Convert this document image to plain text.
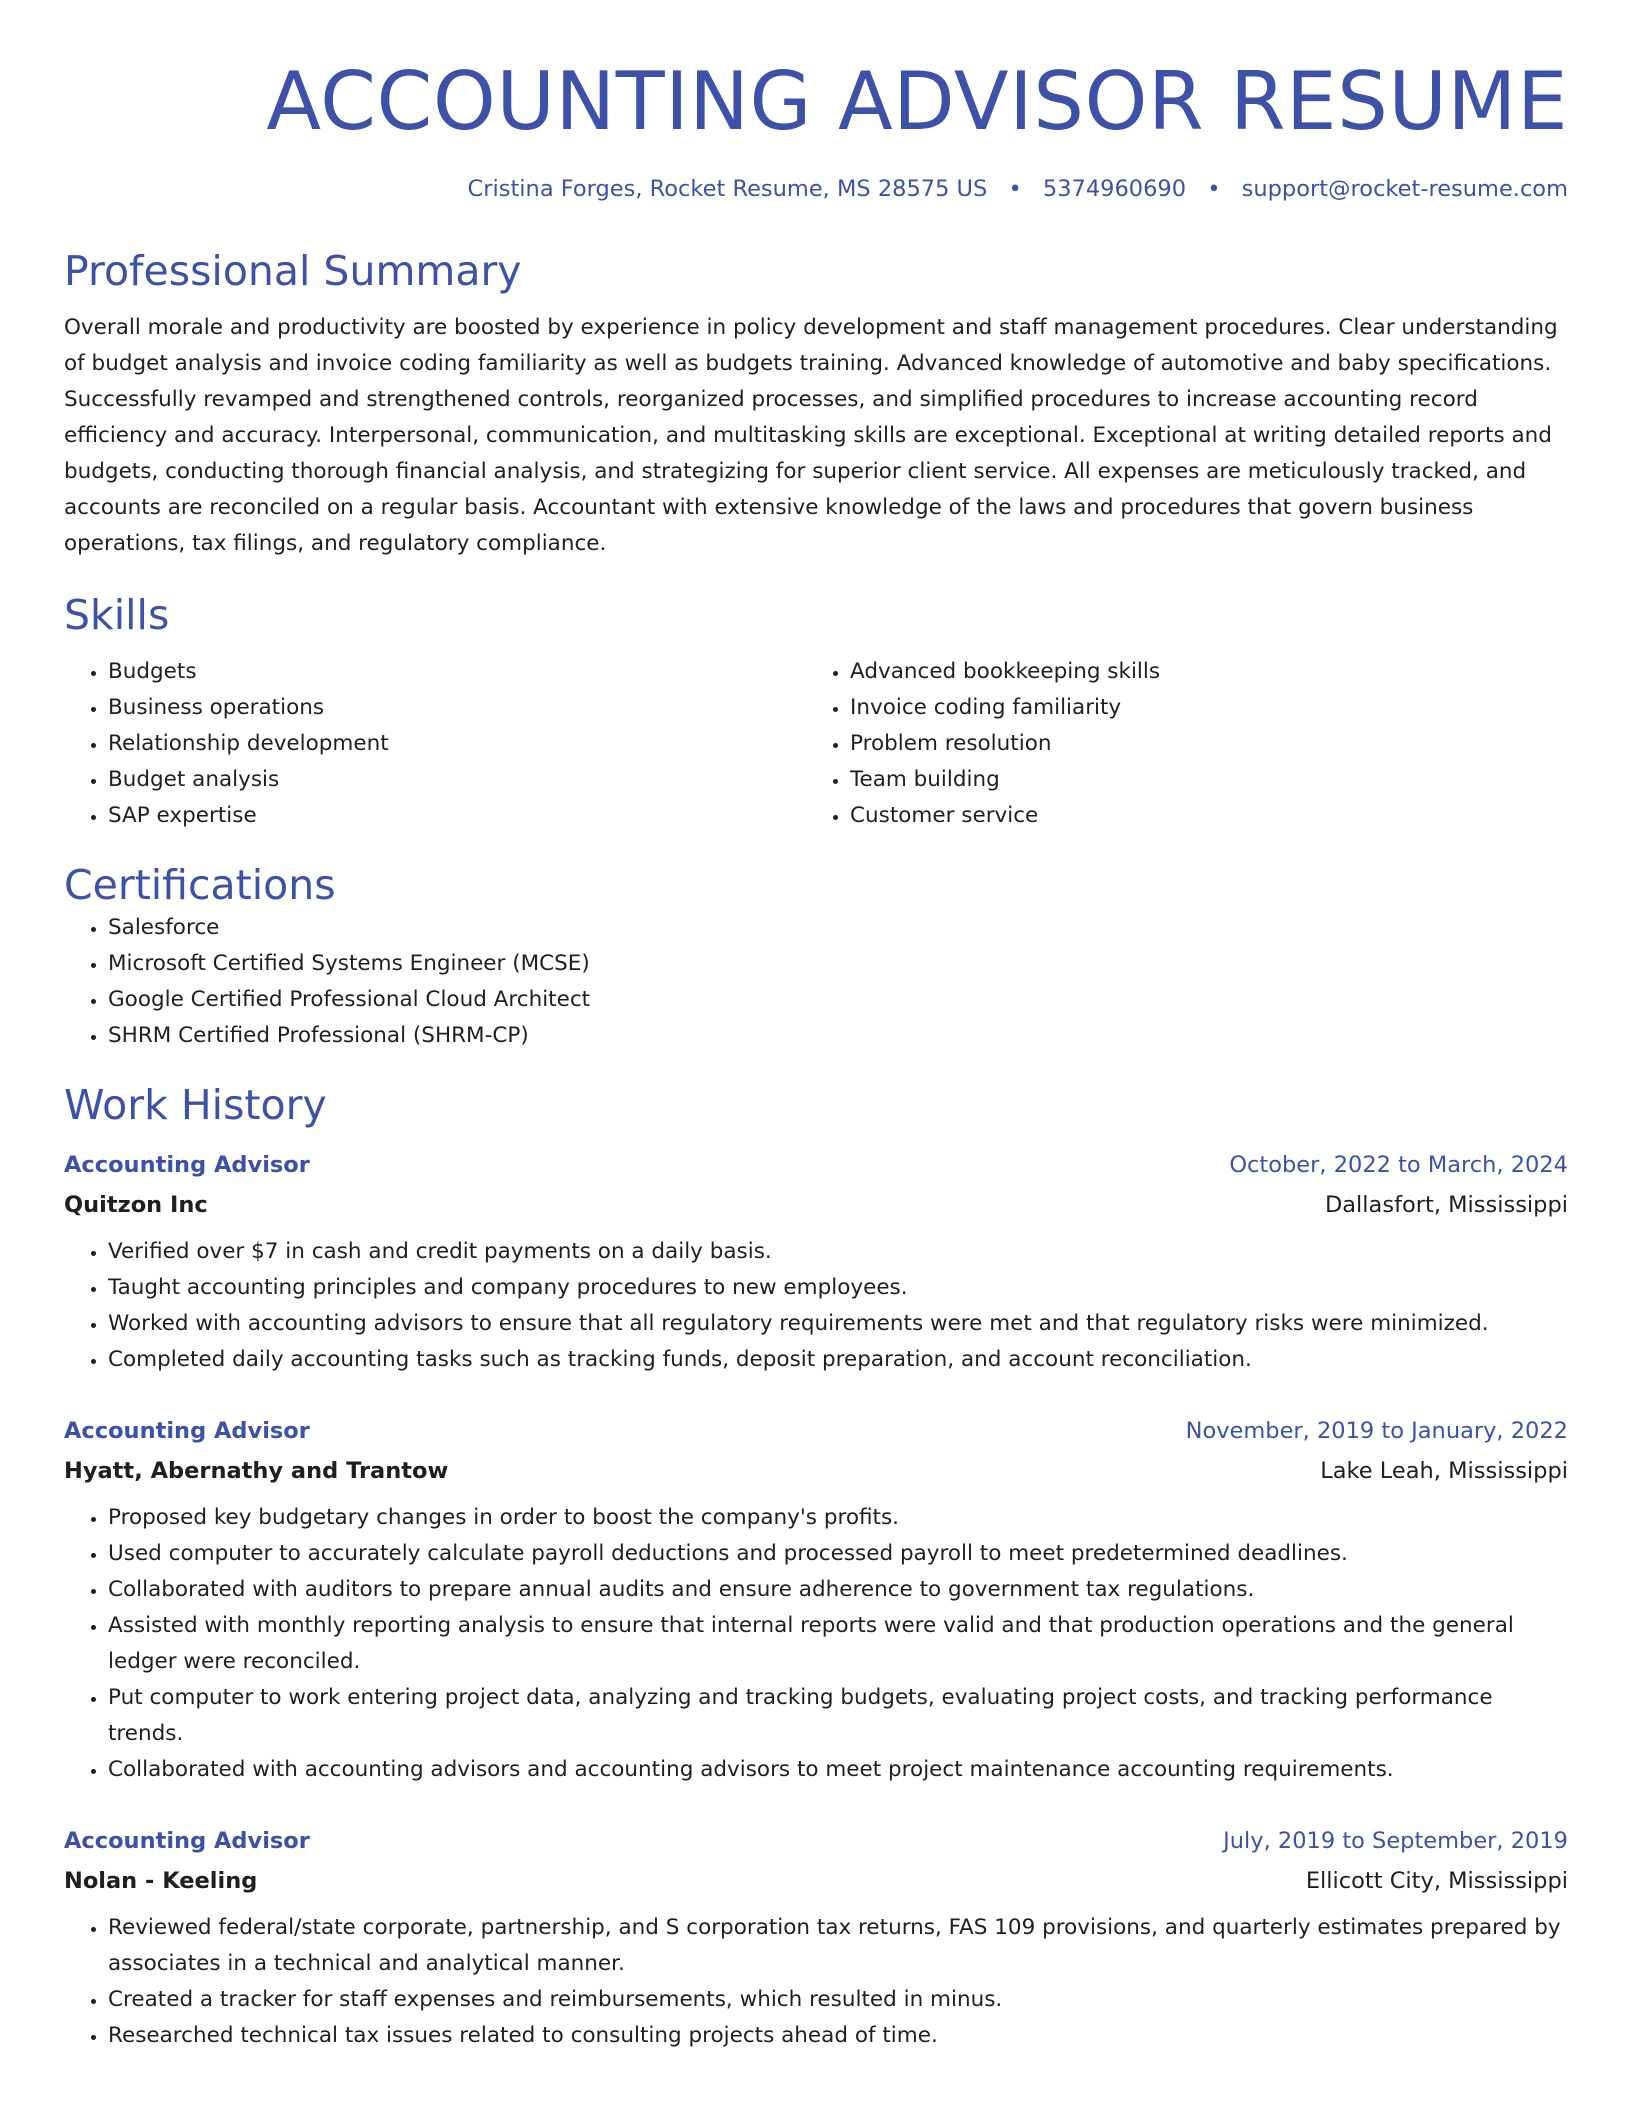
ACCOUNTING ADVISOR RESUME
Cristina Forges, Rocket Resume, MS 28575 US • 5374960690 • support@rocket-resume.com
Professional Summary

Overall morale and productivity are boosted by experience in policy development and staff management procedures. Clear understanding of budget analysis and invoice coding familiarity as well as budgets training. Advanced knowledge of automotive and baby specifications. Successfully revamped and strengthened controls, reorganized processes, and simplified procedures to increase accounting record efficiency and accuracy. Interpersonal, communication, and multitasking skills are exceptional. Exceptional at writing detailed reports and budgets, conducting thorough financial analysis, and strategizing for superior client service. All expenses are meticulously tracked, and accounts are reconciled on a regular basis. Accountant with extensive knowledge of the laws and procedures that govern business operations, tax filings, and regulatory compliance.

Skills
• Budgets
• Business operations
• Relationship development
• Budget analysis
• SAP expertise
• Advanced bookkeeping skills
• Invoice coding familiarity
• Problem resolution
• Team building
• Customer service
Certifications
• Salesforce
• Microsoft Certified Systems Engineer (MCSE)
• Google Certified Professional Cloud Architect
• SHRM Certified Professional (SHRM-CP)
Work History
Accounting Advisor	October, 2022 to March, 2024
Quitzon Inc	Dallasfort, Mississippi
• Verified over $7 in cash and credit payments on a daily basis.
• Taught accounting principles and company procedures to new employees.
• Worked with accounting advisors to ensure that all regulatory requirements were met and that regulatory risks were minimized.
• Completed daily accounting tasks such as tracking funds, deposit preparation, and account reconciliation.
Accounting Advisor	November, 2019 to January, 2022
Hyatt, Abernathy and Trantow	Lake Leah, Mississippi
• Proposed key budgetary changes in order to boost the company's profits.
• Used computer to accurately calculate payroll deductions and processed payroll to meet predetermined deadlines.
• Collaborated with auditors to prepare annual audits and ensure adherence to government tax regulations.
• Assisted with monthly reporting analysis to ensure that internal reports were valid and that production operations and the general ledger were reconciled.
• Put computer to work entering project data, analyzing and tracking budgets, evaluating project costs, and tracking performance trends.
• Collaborated with accounting advisors and accounting advisors to meet project maintenance accounting requirements.
Accounting Advisor	July, 2019 to September, 2019
Nolan - Keeling	Ellicott City, Mississippi
• Reviewed federal/state corporate, partnership, and S corporation tax returns, FAS 109 provisions, and quarterly estimates prepared by associates in a technical and analytical manner.
• Created a tracker for staff expenses and reimbursements, which resulted in minus.
• Researched technical tax issues related to consulting projects ahead of time.
